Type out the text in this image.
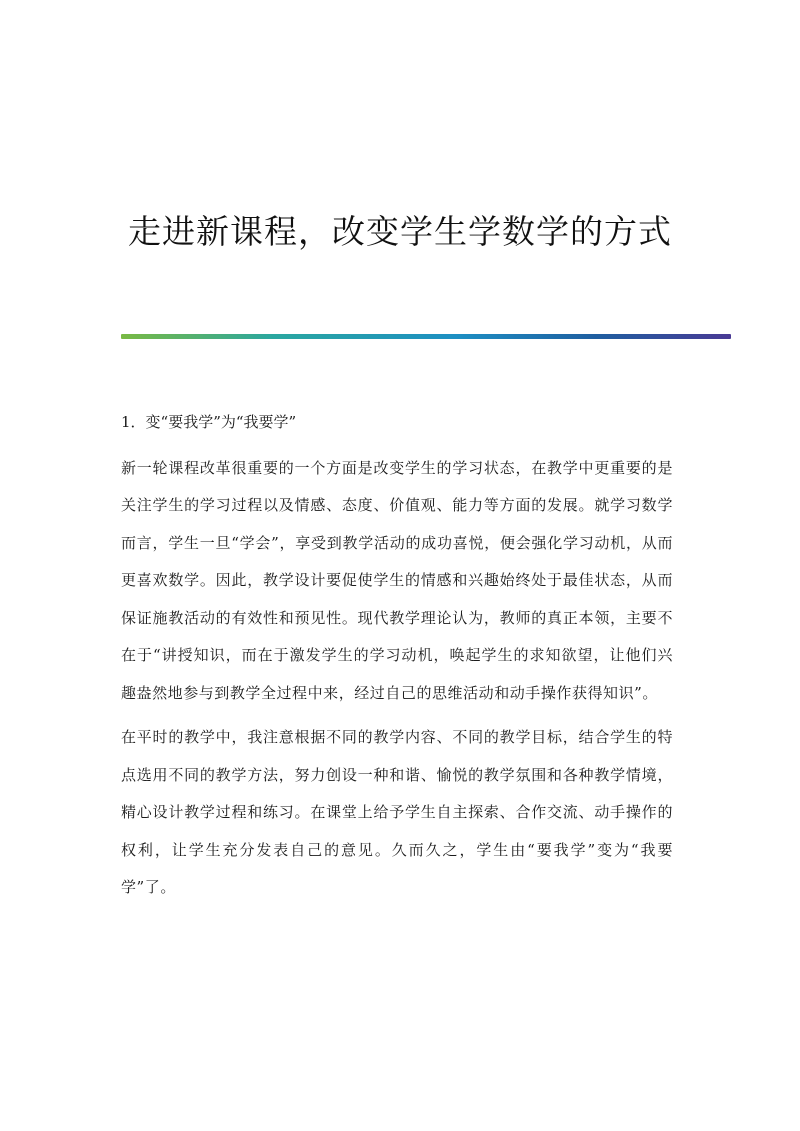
走进新课程，改变学生学数学的方式
1．变“要我学”为“我要学”

新一轮课程改革很重要的一个方面是改变学生的学习状态，在教学中更重要的是关注学生的学习过程以及情感、态度、价值观、能力等方面的发展。就学习数学而言，学生一旦“学会”，享受到教学活动的成功喜悦，便会强化学习动机，从而更喜欢数学。因此，教学设计要促使学生的情感和兴趣始终处于最佳状态，从而保证施教活动的有效性和预见性。现代教学理论认为，教师的真正本领，主要不在于“讲授知识，而在于激发学生的学习动机，唤起学生的求知欲望，让他们兴趣盎然地参与到教学全过程中来，经过自己的思维活动和动手操作获得知识”。

在平时的教学中，我注意根据不同的教学内容、不同的教学目标，结合学生的特点选用不同的教学方法，努力创设一种和谐、愉悦的教学氛围和各种教学情境，精心设计教学过程和练习。在课堂上给予学生自主探索、合作交流、动手操作的权利，让学生充分发表自己的意见。久而久之，学生由“要我学”变为“我要学”了。
